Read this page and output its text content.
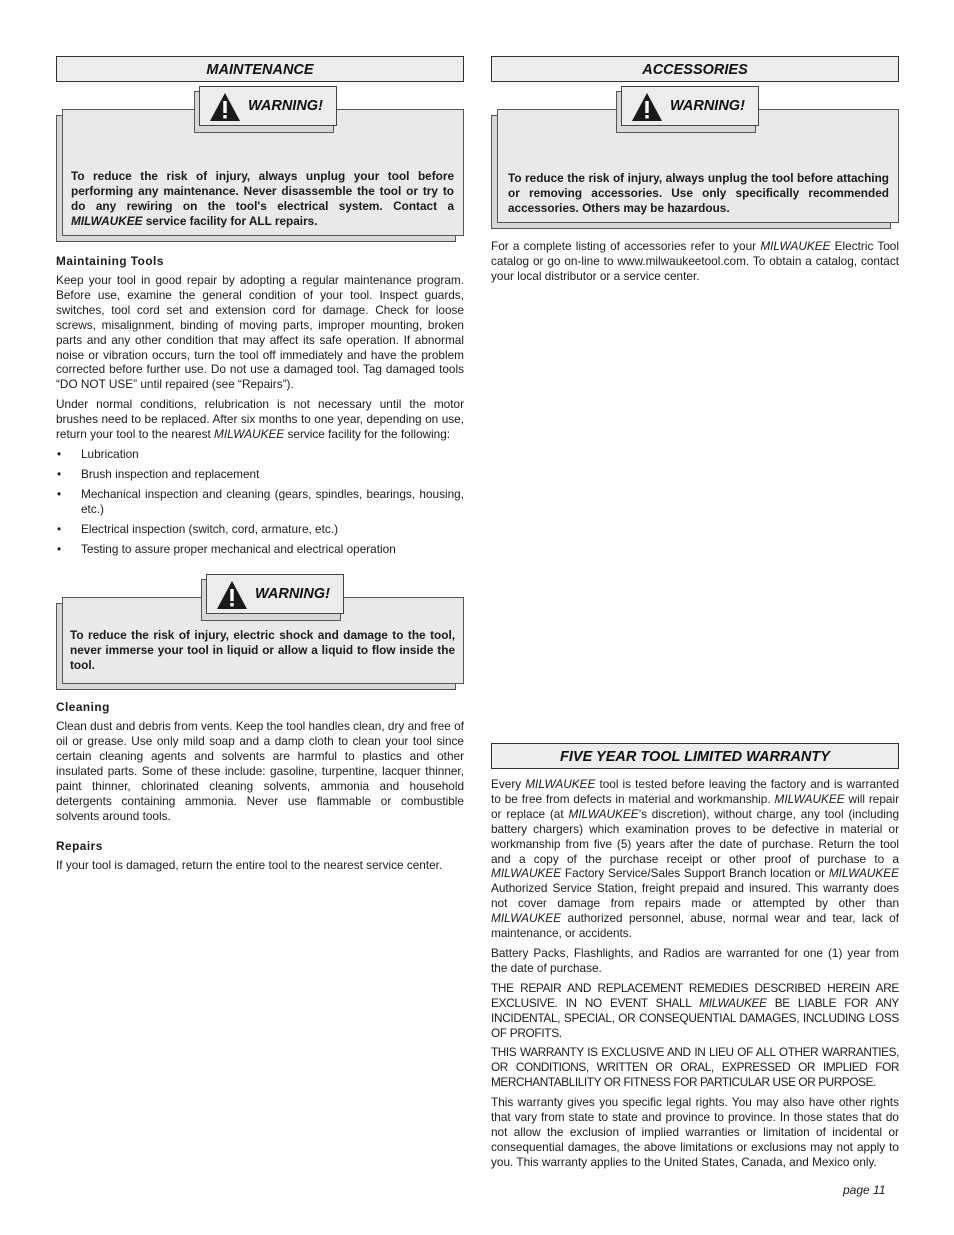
MAINTENANCE
WARNING!
To reduce the risk of injury, always unplug your tool before performing any maintenance. Never disassemble the tool or try to do any rewiring on the tool's electrical system. Contact a MILWAUKEE service facility for ALL repairs.
Maintaining Tools

Keep your tool in good repair by adopting a regular maintenance program. Before use, examine the general condition of your tool. Inspect guards, switches, tool cord set and extension cord for damage. Check for loose screws, misalignment, binding of moving parts, improper mounting, broken parts and any other condition that may affect its safe operation. If abnormal noise or vibration occurs, turn the tool off immediately and have the problem corrected before further use. Do not use a damaged tool. Tag damaged tools “DO NOT USE” until repaired (see “Repairs”).

Under normal conditions, relubrication is not necessary until the motor brushes need to be replaced. After six months to one year, depending on use, return your tool to the nearest MILWAUKEE service facility for the following:

• Lubrication
• Brush inspection and replacement
• Mechanical inspection and cleaning (gears, spindles, bearings, housing, etc.)
• Electrical inspection (switch, cord, armature, etc.)
• Testing to assure proper mechanical and electrical operation
WARNING!
To reduce the risk of injury, electric shock and damage to the tool, never immerse your tool in liquid or allow a liquid to flow inside the tool.
Cleaning

Clean dust and debris from vents. Keep the tool handles clean, dry and free of oil or grease. Use only mild soap and a damp cloth to clean your tool since certain cleaning agents and solvents are harmful to plastics and other insulated parts. Some of these include: gasoline, turpentine, lacquer thinner, paint thinner, chlorinated cleaning solvents, ammonia and household detergents containing ammonia. Never use flammable or combustible solvents around tools.

Repairs

If your tool is damaged, return the entire tool to the nearest service center.

ACCESSORIES
WARNING!
To reduce the risk of injury, always unplug the tool before attaching or removing accessories. Use only specifically recommended accessories. Others may be hazardous.

For a complete listing of accessories refer to your MILWAUKEE Electric Tool catalog or go on-line to www.milwaukeetool.com. To obtain a catalog, contact your local distributor or a service center.

FIVE YEAR TOOL LIMITED WARRANTY

Every MILWAUKEE tool is tested before leaving the factory and is warranted to be free from defects in material and workmanship. MILWAUKEE will repair or replace (at MILWAUKEE’s discretion), without charge, any tool (including battery chargers) which examination proves to be defective in material or workmanship from five (5) years after the date of purchase. Return the tool and a copy of the purchase receipt or other proof of purchase to a MILWAUKEE Factory Service/Sales Support Branch location or MILWAUKEE Authorized Service Station, freight prepaid and insured. This warranty does not cover damage from repairs made or attempted by other than MILWAUKEE authorized personnel, abuse, normal wear and tear, lack of maintenance, or accidents.

Battery Packs, Flashlights, and Radios are warranted for one (1) year from the date of purchase.

THE REPAIR AND REPLACEMENT REMEDIES DESCRIBED HEREIN ARE EXCLUSIVE. IN NO EVENT SHALL MILWAUKEE BE LIABLE FOR ANY INCIDENTAL, SPECIAL, OR CONSEQUENTIAL DAMAGES, INCLUDING LOSS OF PROFITS.

THIS WARRANTY IS EXCLUSIVE AND IN LIEU OF ALL OTHER WARRANTIES, OR CONDITIONS, WRITTEN OR ORAL, EXPRESSED OR IMPLIED FOR MERCHANTABLILITY OR FITNESS FOR PARTICULAR USE OR PURPOSE.

This warranty gives you specific legal rights. You may also have other rights that vary from state to state and province to province. In those states that do not allow the exclusion of implied warranties or limitation of incidental or consequential damages, the above limitations or exclusions may not apply to you. This warranty applies to the United States, Canada, and Mexico only.

page 11
